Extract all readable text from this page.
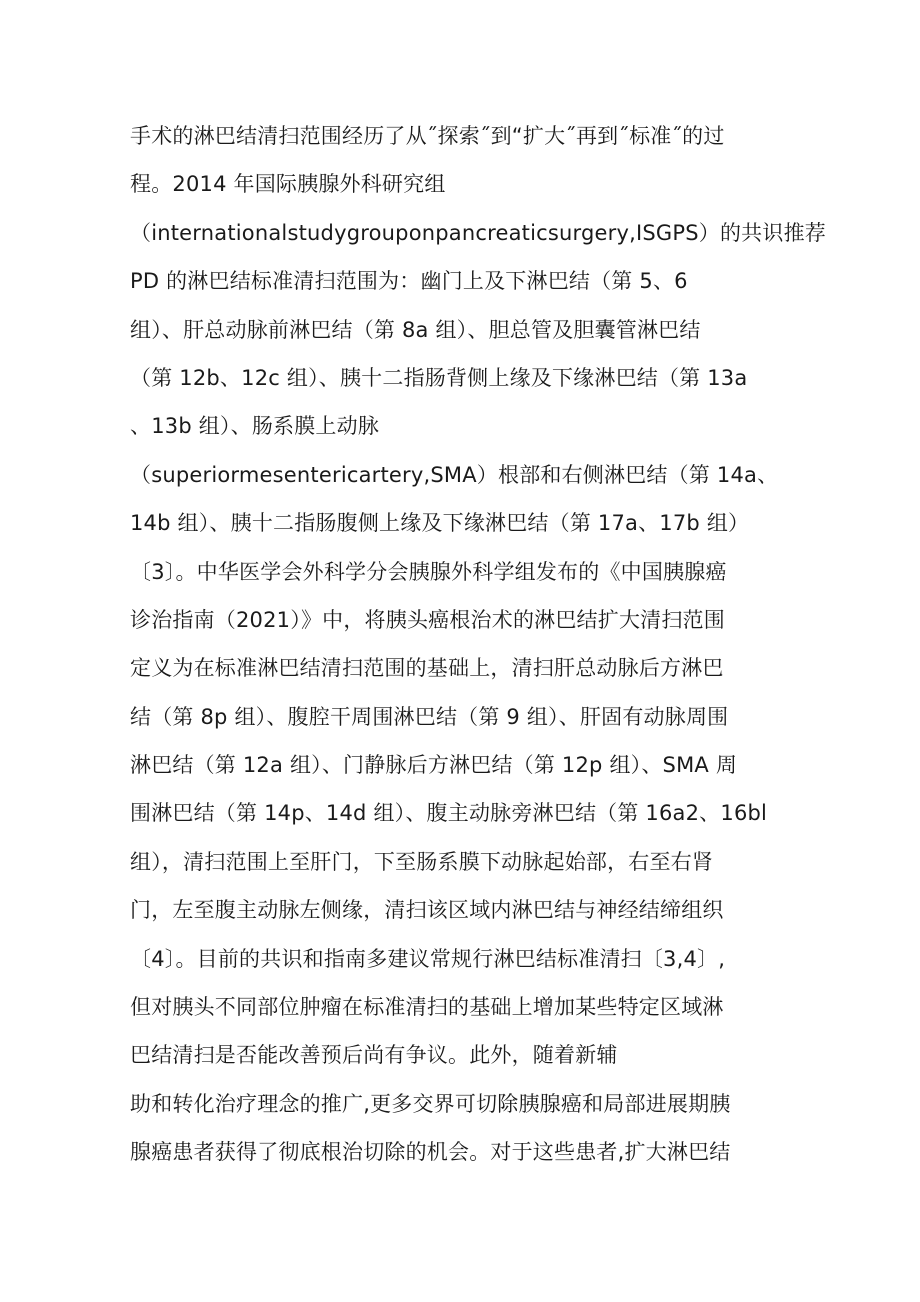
手术的淋巴结清扫范围经历了从˝探索˝到“扩大˝再到˝标准˝的过
程。2014 年国际胰腺外科研究组
（internationalstudygrouponpancreaticsurgery,ISGPS）的共识推荐
PD 的淋巴结标准清扫范围为：幽门上及下淋巴结（第 5、6
组）、肝总动脉前淋巴结（第 8a 组）、胆总管及胆囊管淋巴结
（第 12b、12c 组）、胰十二指肠背侧上缘及下缘淋巴结（第 13a
、13b 组）、肠系膜上动脉
（superiormesentericartery,SMA）根部和右侧淋巴结（第 14a、
14b 组）、胰十二指肠腹侧上缘及下缘淋巴结（第 17a、17b 组）
〔3〕。中华医学会外科学分会胰腺外科学组发布的《中国胰腺癌
诊治指南（2021）》中，将胰头癌根治术的淋巴结扩大清扫范围
定义为在标准淋巴结清扫范围的基础上，清扫肝总动脉后方淋巴
结（第 8p 组）、腹腔干周围淋巴结（第 9 组）、肝固有动脉周围
淋巴结（第 12a 组）、门静脉后方淋巴结（第 12p 组）、SMA 周
围淋巴结（第 14p、14d 组）、腹主动脉旁淋巴结（第 16a2、16bl
组），清扫范围上至肝门，下至肠系膜下动脉起始部，右至右肾
门，左至腹主动脉左侧缘，清扫该区域内淋巴结与神经结缔组织
〔4〕。目前的共识和指南多建议常规行淋巴结标准清扫〔3,4〕,
但对胰头不同部位肿瘤在标准清扫的基础上增加某些特定区域淋
巴结清扫是否能改善预后尚有争议。此外，随着新辅
助和转化治疗理念的推广,更多交界可切除胰腺癌和局部进展期胰
腺癌患者获得了彻底根治切除的机会。对于这些患者,扩大淋巴结
